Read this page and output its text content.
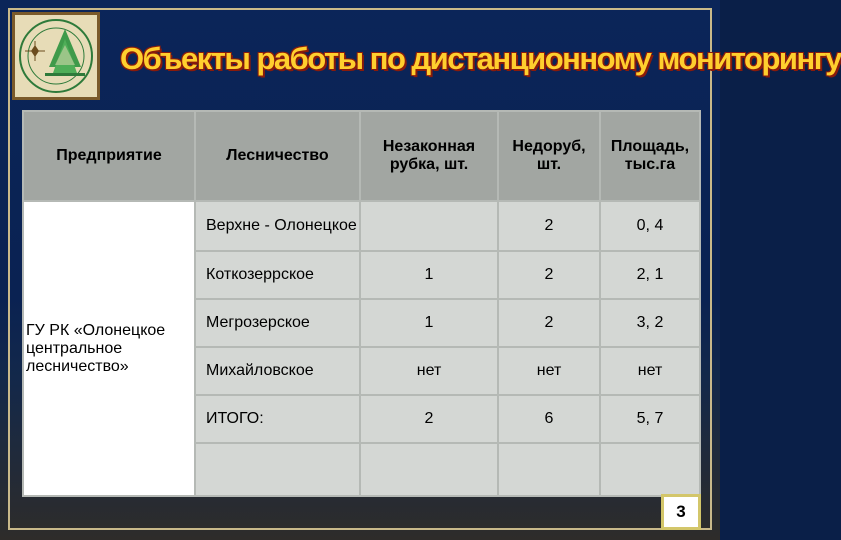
Объекты работы по дистанционному мониторингу
Предприятие	Лесничество	Незаконная рубка, шт.	Недоруб, шт.	Площадь, тыс.га
ГУ РК «Олонецкое центральное лесничество»	Верхне - Олонецкое		2	0, 4
	Коткозеррское	1	2	2, 1
	Мегрозерское	1	2	3, 2
	Михайловское	нет	нет	нет
	ИТОГО:	2	6	5, 7

3
